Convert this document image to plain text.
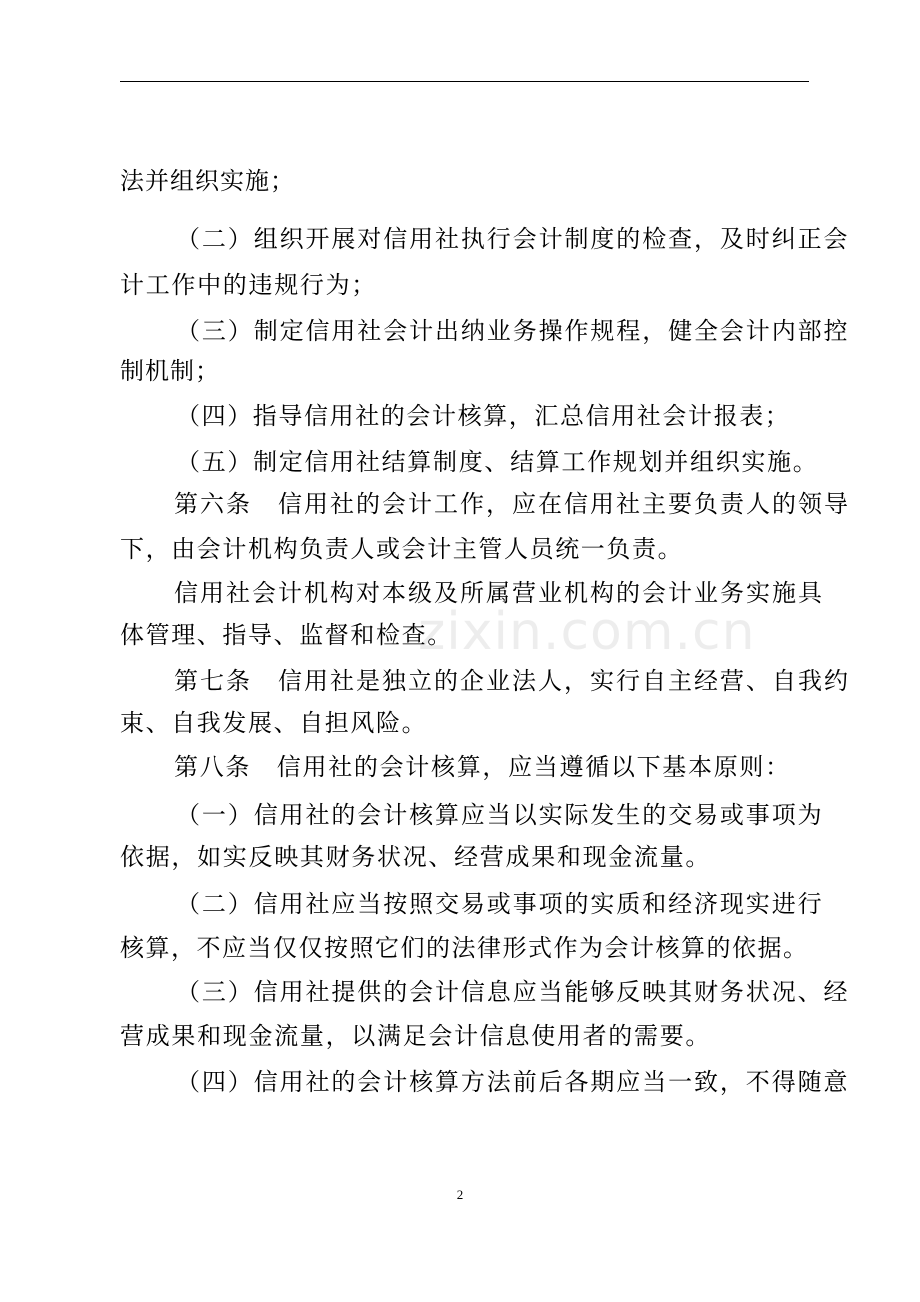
zixin.com.cn
法并组织实施；
（二）组织开展对信用社执行会计制度的检查，及时纠正会
计工作中的违规行为；
（三）制定信用社会计出纳业务操作规程，健全会计内部控
制机制；
（四）指导信用社的会计核算，汇总信用社会计报表；
（五）制定信用社结算制度、结算工作规划并组织实施。
第六条　信用社的会计工作，应在信用社主要负责人的领导
下，由会计机构负责人或会计主管人员统一负责。
信用社会计机构对本级及所属营业机构的会计业务实施具
体管理、指导、监督和检查。
第七条　信用社是独立的企业法人，实行自主经营、自我约
束、自我发展、自担风险。
第八条　信用社的会计核算，应当遵循以下基本原则：
（一）信用社的会计核算应当以实际发生的交易或事项为
依据，如实反映其财务状况、经营成果和现金流量。
（二）信用社应当按照交易或事项的实质和经济现实进行
核算，不应当仅仅按照它们的法律形式作为会计核算的依据。
（三）信用社提供的会计信息应当能够反映其财务状况、经
营成果和现金流量，以满足会计信息使用者的需要。
（四）信用社的会计核算方法前后各期应当一致，不得随意
2
